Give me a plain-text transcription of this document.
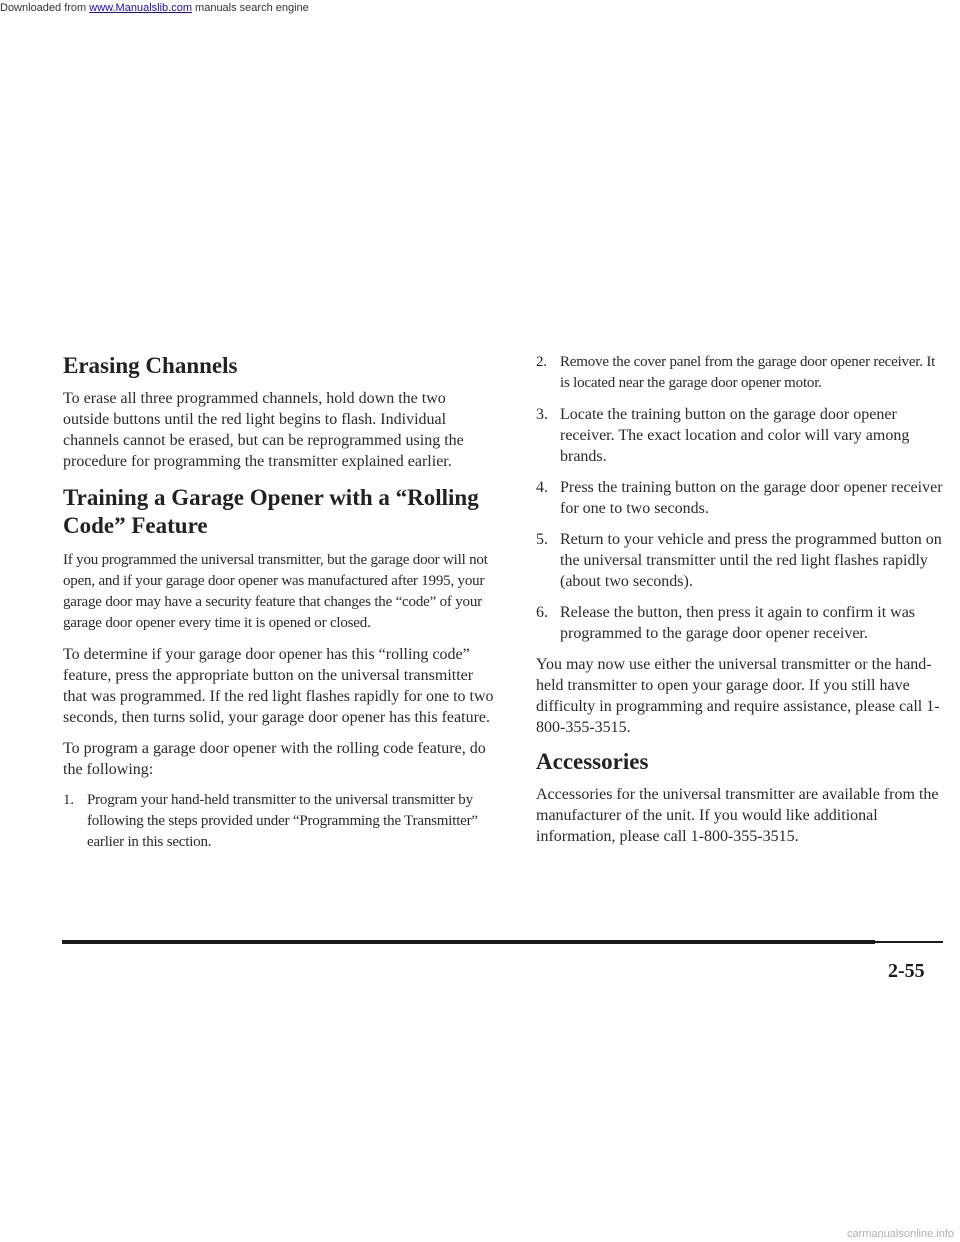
Downloaded from www.Manualslib.com manuals search engine
Erasing Channels

To erase all three programmed channels, hold down the two outside buttons until the red light begins to flash. Individual channels cannot be erased, but can be reprogrammed using the procedure for programming the transmitter explained earlier.

Training a Garage Opener with a “Rolling Code” Feature

If you programmed the universal transmitter, but the garage door will not open, and if your garage door opener was manufactured after 1995, your garage door may have a security feature that changes the “code” of your garage door opener every time it is opened or closed.

To determine if your garage door opener has this “rolling code” feature, press the appropriate button on the universal transmitter that was programmed. If the red light flashes rapidly for one to two seconds, then turns solid, your garage door opener has this feature.

To program a garage door opener with the rolling code feature, do the following:

1. Program your hand-held transmitter to the universal transmitter by following the steps provided under “Programming the Transmitter” earlier in this section.
2. Remove the cover panel from the garage door opener receiver. It is located near the garage door opener motor.
3. Locate the training button on the garage door opener receiver. The exact location and color will vary among brands.
4. Press the training button on the garage door opener receiver for one to two seconds.
5. Return to your vehicle and press the programmed button on the universal transmitter until the red light flashes rapidly (about two seconds).
6. Release the button, then press it again to confirm it was programmed to the garage door opener receiver.

You may now use either the universal transmitter or the hand-held transmitter to open your garage door. If you still have difficulty in programming and require assistance, please call 1-800-355-3515.

Accessories

Accessories for the universal transmitter are available from the manufacturer of the unit. If you would like additional information, please call 1-800-355-3515.

2-55
carmanualsonline.info
